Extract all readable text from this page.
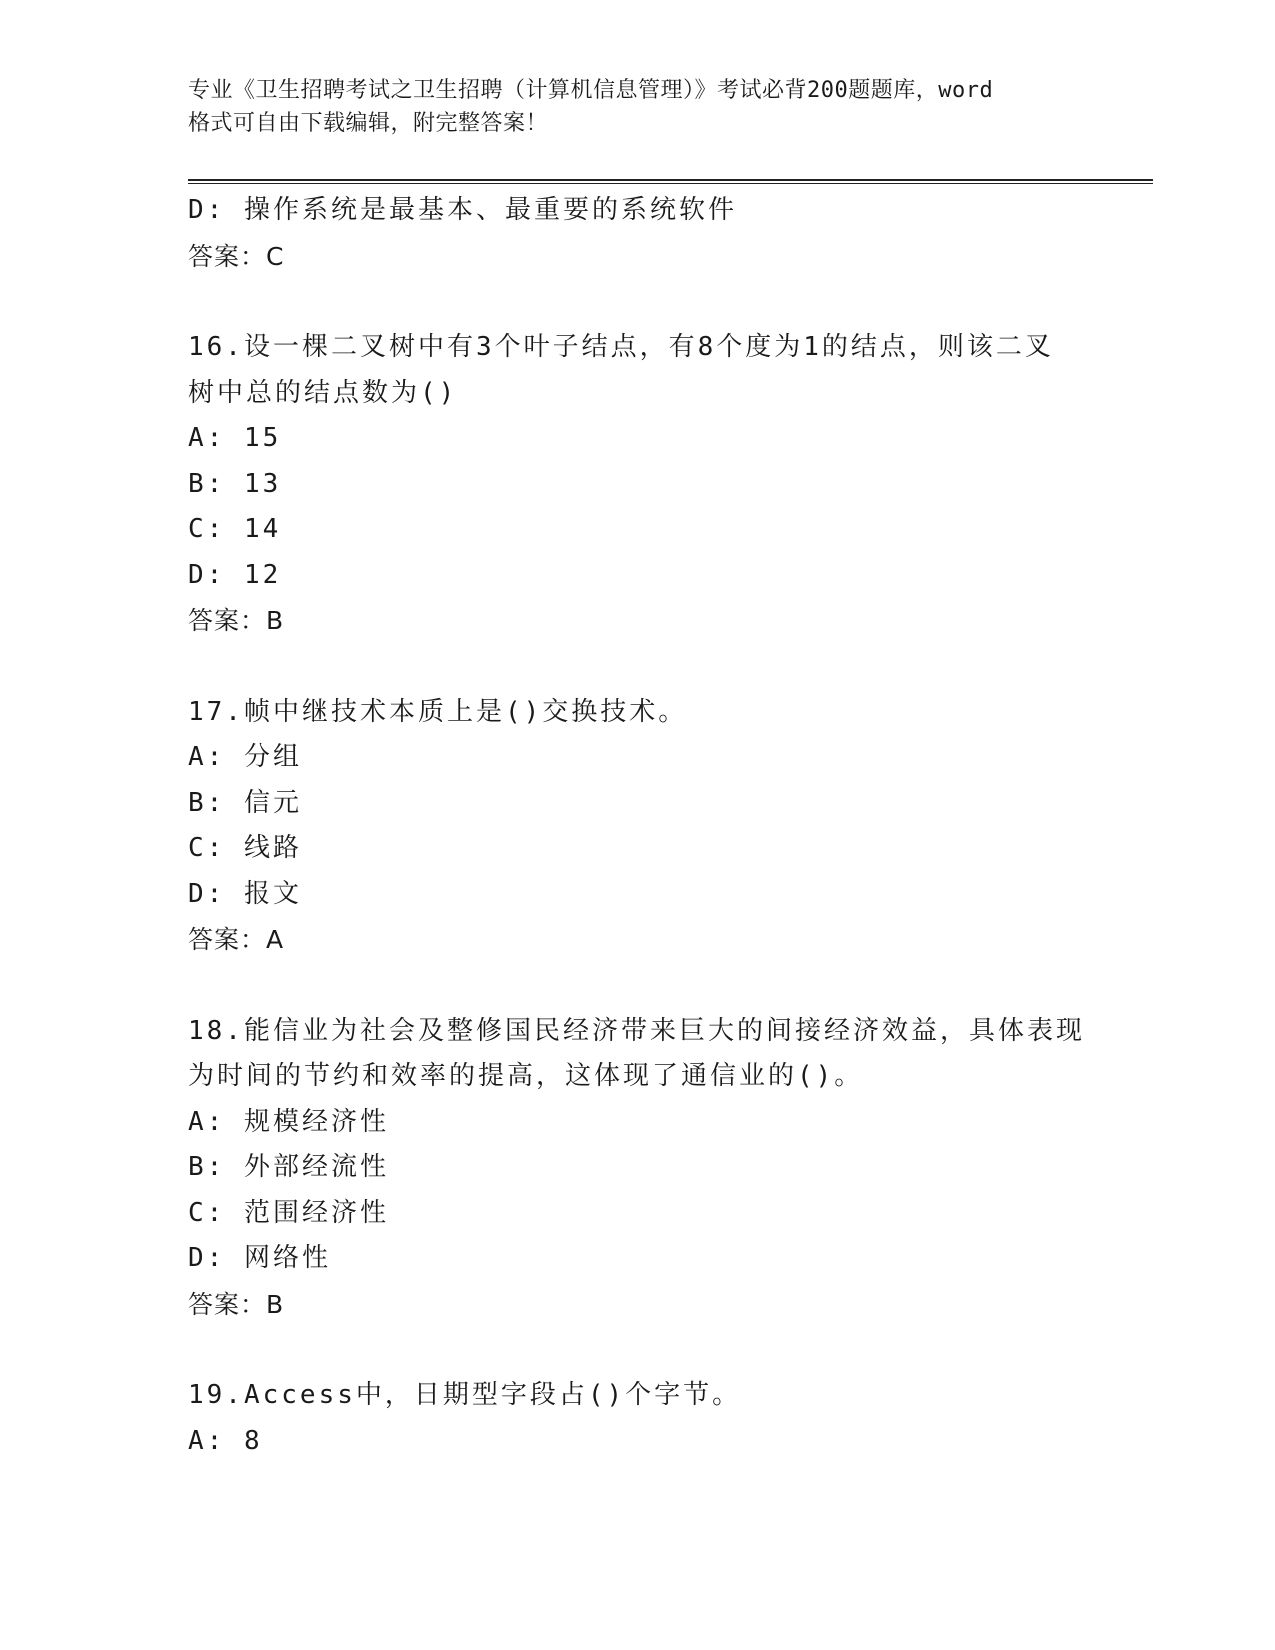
专业《卫生招聘考试之卫生招聘（计算机信息管理）》考试必背200题题库，word
格式可自由下载编辑，附完整答案！
D: 操作系统是最基本、最重要的系统软件
答案：C
16.设一棵二叉树中有3个叶子结点，有8个度为1的结点，则该二叉
树中总的结点数为()
A: 15
B: 13
C: 14
D: 12
答案：B
17.帧中继技术本质上是()交换技术。
A: 分组
B: 信元
C: 线路
D: 报文
答案：A
18.能信业为社会及整修国民经济带来巨大的间接经济效益，具体表现
为时间的节约和效率的提高，这体现了通信业的()。
A: 规模经济性
B: 外部经流性
C: 范围经济性
D: 网络性
答案：B
19.Access中，日期型字段占()个字节。
A: 8
